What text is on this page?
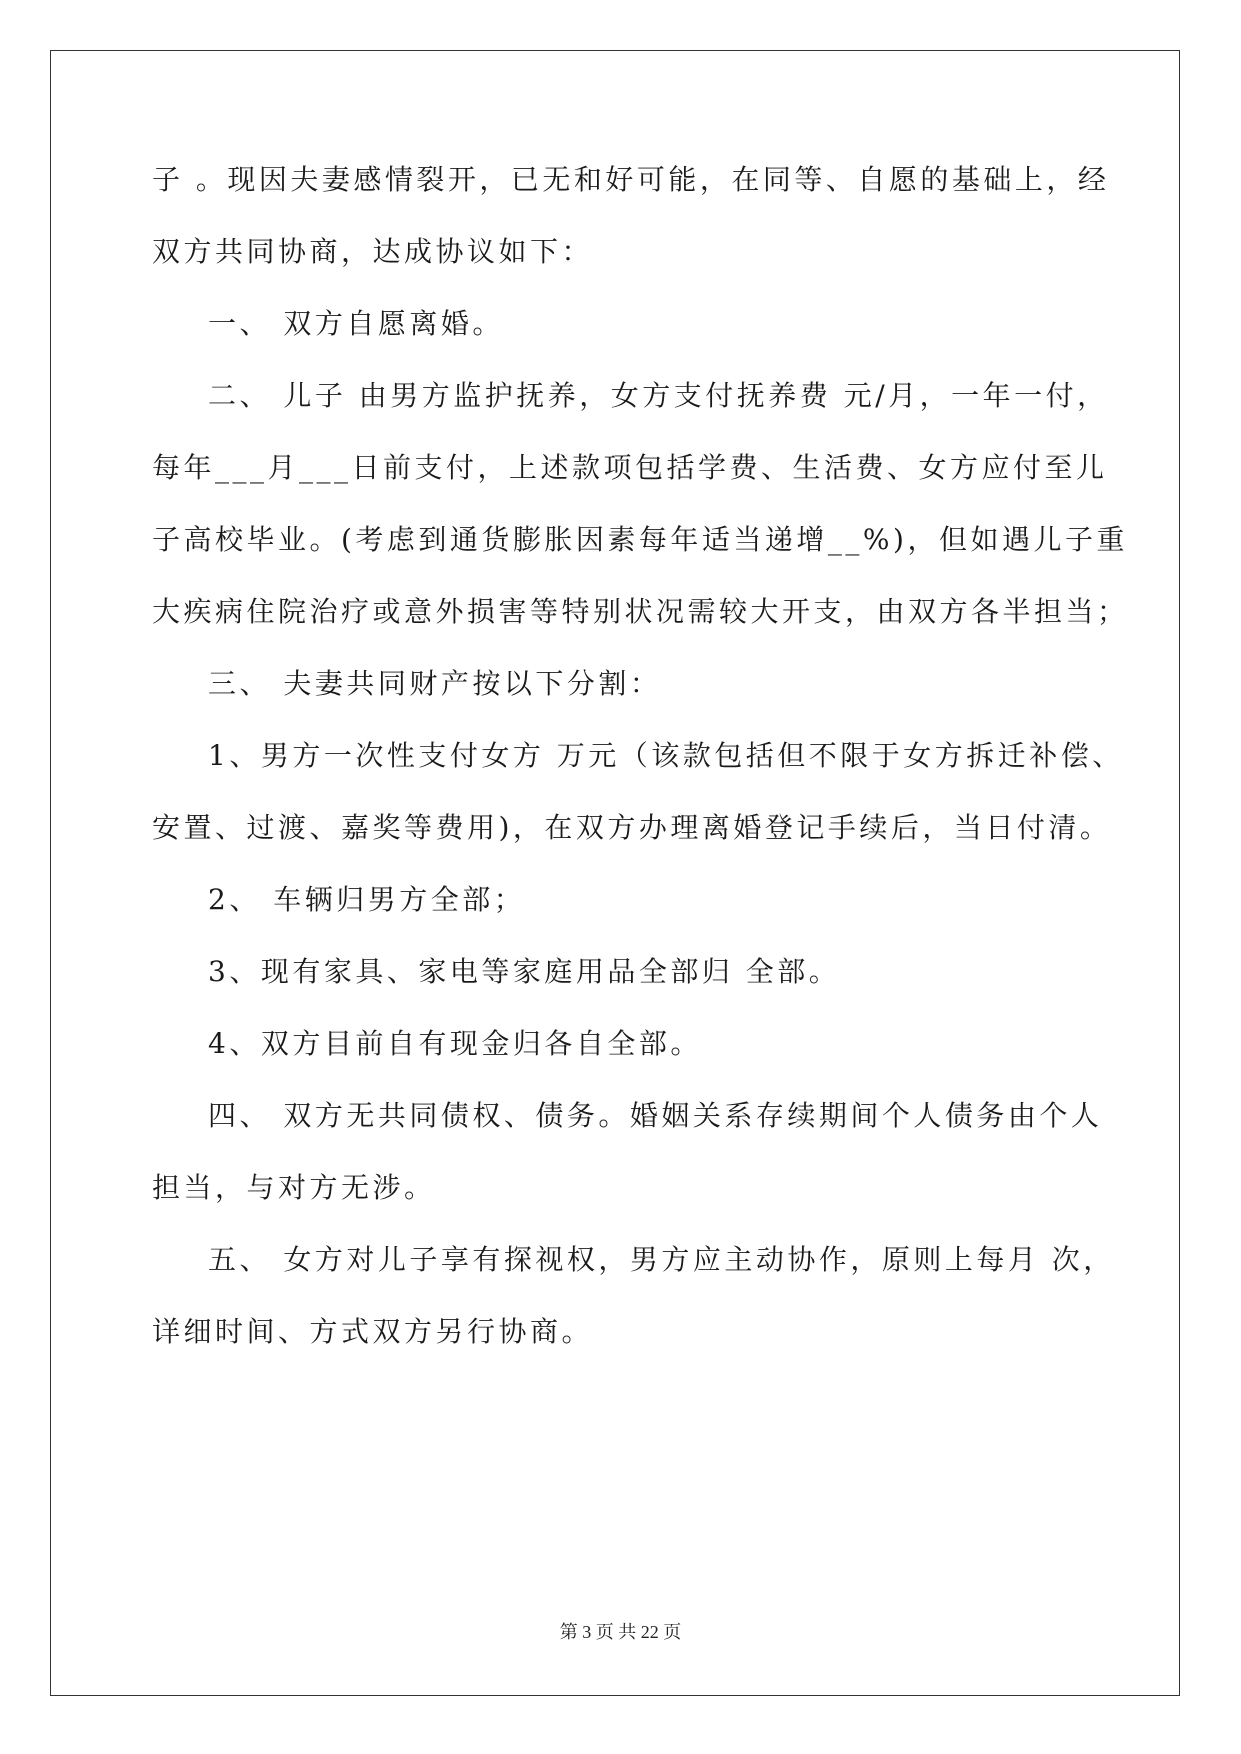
子 。现因夫妻感情裂开，已无和好可能，在同等、自愿的基础上，经
双方共同协商，达成协议如下：
一、 双方自愿离婚。
二、 儿子 由男方监护抚养，女方支付抚养费 元/月，一年一付，
每年___月___日前支付，上述款项包括学费、生活费、女方应付至儿
子高校毕业。(考虑到通货膨胀因素每年适当递增__%)，但如遇儿子重
大疾病住院治疗或意外损害等特别状况需较大开支，由双方各半担当；
三、 夫妻共同财产按以下分割：
1、男方一次性支付女方 万元（该款包括但不限于女方拆迁补偿、
安置、过渡、嘉奖等费用)，在双方办理离婚登记手续后，当日付清。
2、 车辆归男方全部；
3、现有家具、家电等家庭用品全部归 全部。
4、双方目前自有现金归各自全部。
四、 双方无共同债权、债务。婚姻关系存续期间个人债务由个人
担当，与对方无涉。
五、 女方对儿子享有探视权，男方应主动协作，原则上每月 次，
详细时间、方式双方另行协商。
第 3 页 共 22 页
